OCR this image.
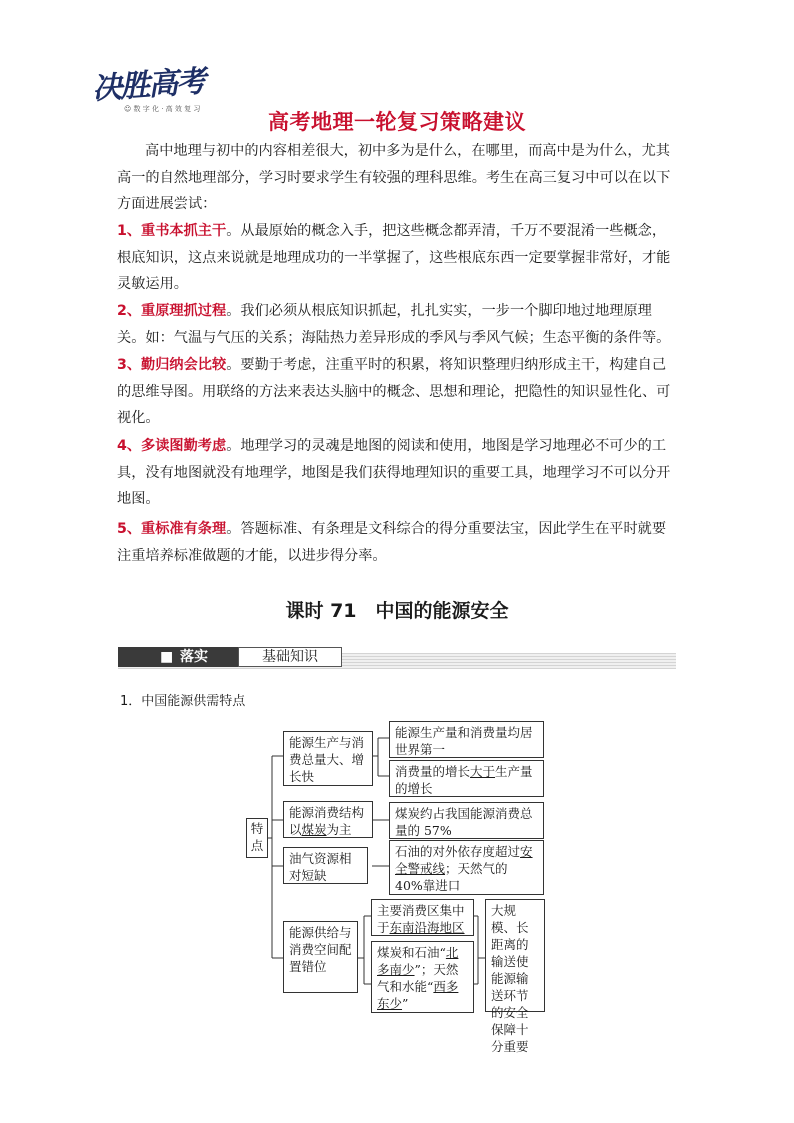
决胜高考
☺ 数 字 化 · 高 效 复 习
高考地理一轮复习策略建议
高中地理与初中的内容相差很大，初中多为是什么，在哪里，而高中是为什么，尤其高一的自然地理部分，学习时要求学生有较强的理科思维。考生在高三复习中可以在以下方面进展尝试：
1、重书本抓主干。从最原始的概念入手，把这些概念都弄清，千万不要混淆一些概念，根底知识，这点来说就是地理成功的一半掌握了，这些根底东西一定要掌握非常好，才能灵敏运用。
2、重原理抓过程。我们必须从根底知识抓起，扎扎实实，一步一个脚印地过地理原理关。如：气温与气压的关系；海陆热力差异形成的季风与季风气候；生态平衡的条件等。
3、勤归纳会比较。要勤于考虑，注重平时的积累，将知识整理归纳形成主干，构建自己的思维导图。用联络的方法来表达头脑中的概念、思想和理论，把隐性的知识显性化、可视化。
4、多读图勤考虑。地理学习的灵魂是地图的阅读和使用，地图是学习地理必不可少的工具，没有地图就没有地理学，地图是我们获得地理知识的重要工具，地理学习不可以分开地图。
5、重标准有条理。答题标准、有条理是文科综合的得分重要法宝，因此学生在平时就要注重培养标准做题的才能，以进步得分率。
课时 71　中国的能源安全
■ 落实	基础知识
1．中国能源供需特点
特点
能源生产与消费总量大、增长快
能源生产量和消费量均居世界第一
消费量的增长大于生产量的增长
能源消费结构以煤炭为主
煤炭约占我国能源消费总量的 57%
油气资源相对短缺
石油的对外依存度超过安全警戒线；天然气的 40%靠进口
能源供给与消费空间配置错位
主要消费区集中于东南沿海地区
煤炭和石油“北多南少”；天然气和水能“西多东少”
大规模、长距离的输送使能源输送环节的安全保障十分重要
